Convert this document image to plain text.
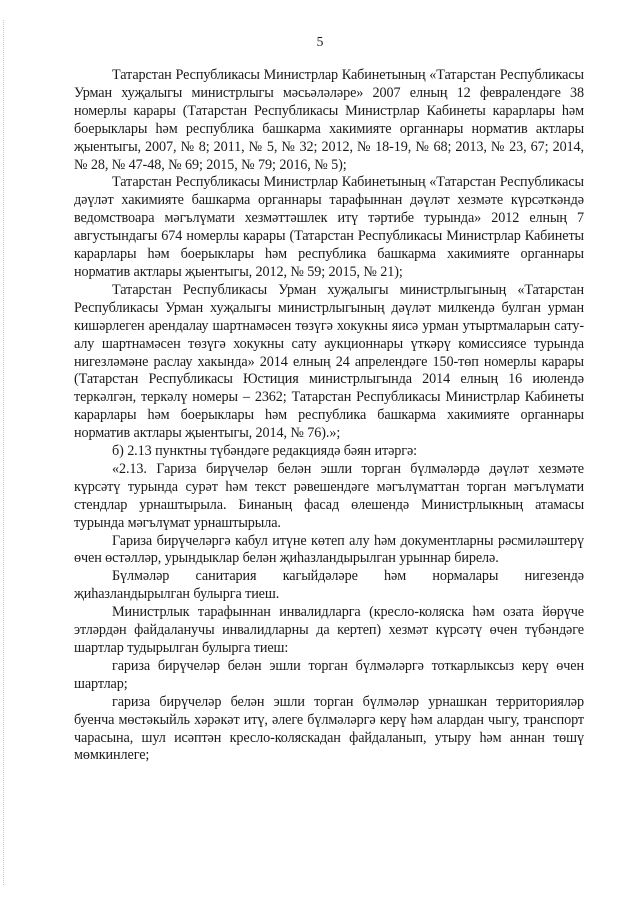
5

Татарстан Республикасы Министрлар Кабинетының «Татарстан Республикасы Урман хуҗалыгы министрлыгы мәсьәләләре» 2007 елның 12 февралендәге 38 номерлы карары (Татарстан Республикасы Министрлар Кабинеты карарлары һәм боерыклары һәм республика башкарма хакимияте органнары норматив актлары җыентыгы, 2007, № 8; 2011, № 5, № 32; 2012, № 18-19, № 68; 2013, № 23, 67; 2014, № 28, № 47-48, № 69; 2015, № 79; 2016, № 5);

Татарстан Республикасы Министрлар Кабинетының «Татарстан Республикасы дәүләт хакимияте башкарма органнары тарафыннан дәүләт хезмәте күрсәткәндә ведомствоара мәгълүмати хезмәттәшлек итү тәртибе турында» 2012 елның 7 августындагы 674 номерлы карары (Татарстан Республикасы Министрлар Кабинеты карарлары һәм боерыклары һәм республика башкарма хакимияте органнары норматив актлары җыентыгы, 2012, № 59; 2015, № 21);

Татарстан Республикасы Урман хуҗалыгы министрлыгының «Татарстан Республикасы Урман хуҗалыгы министрлыгының дәүләт милкендә булган урман кишәрлеген арендалау шартнамәсен төзүгә хокукны яисә урман утыртмаларын сату-алу шартнамәсен төзүгә хокукны сату аукционнары үткәрү комиссиясе турында нигезләмәне раслау хакында» 2014 елның 24 апрелендәге 150-төп номерлы карары (Татарстан Республикасы Юстиция министрлыгында 2014 елның 16 июлендә теркәлгән, теркәлү номеры – 2362; Татарстан Республикасы Министрлар Кабинеты карарлары һәм боерыклары һәм республика башкарма хакимияте органнары норматив актлары җыентыгы, 2014, № 76).»;

б) 2.13 пунктны түбәндәге редакциядә бәян итәргә:

«2.13. Гариза бирүчеләр белән эшли торган бүлмәләрдә дәүләт хезмәте күрсәтү турында сурәт һәм текст рәвешендәге мәгълүматтан торган мәгълүмати стендлар урнаштырыла. Бинаның фасад өлешендә Министрлыкның атамасы турында мәгълүмат урнаштырыла.

Гариза бирүчеләргә кабул итүне көтеп алу һәм документларны рәсмиләштерү өчен өстәлләр, урындыклар белән җиһазландырылган урыннар бирелә.

Бүлмәләр санитария кагыйдәләре һәм нормалары нигезендә җиһазландырылган булырга тиеш.

Министрлык тарафыннан инвалидларга (кресло-коляска һәм озата йөрүче этләрдән файдаланучы инвалидларны да кертеп) хезмәт күрсәтү өчен түбәндәге шартлар тудырылган булырга тиеш:

гариза бирүчеләр белән эшли торган бүлмәләргә тоткарлыксыз керү өчен шартлар;

гариза бирүчеләр белән эшли торган бүлмәләр урнашкан территорияләр буенча мөстәкыйль хәрәкәт итү, әлеге бүлмәләргә керү һәм алардан чыгу, транспорт чарасына, шул исәптән кресло-коляскадан файдаланып, утыру һәм аннан төшү мөмкинлеге;
